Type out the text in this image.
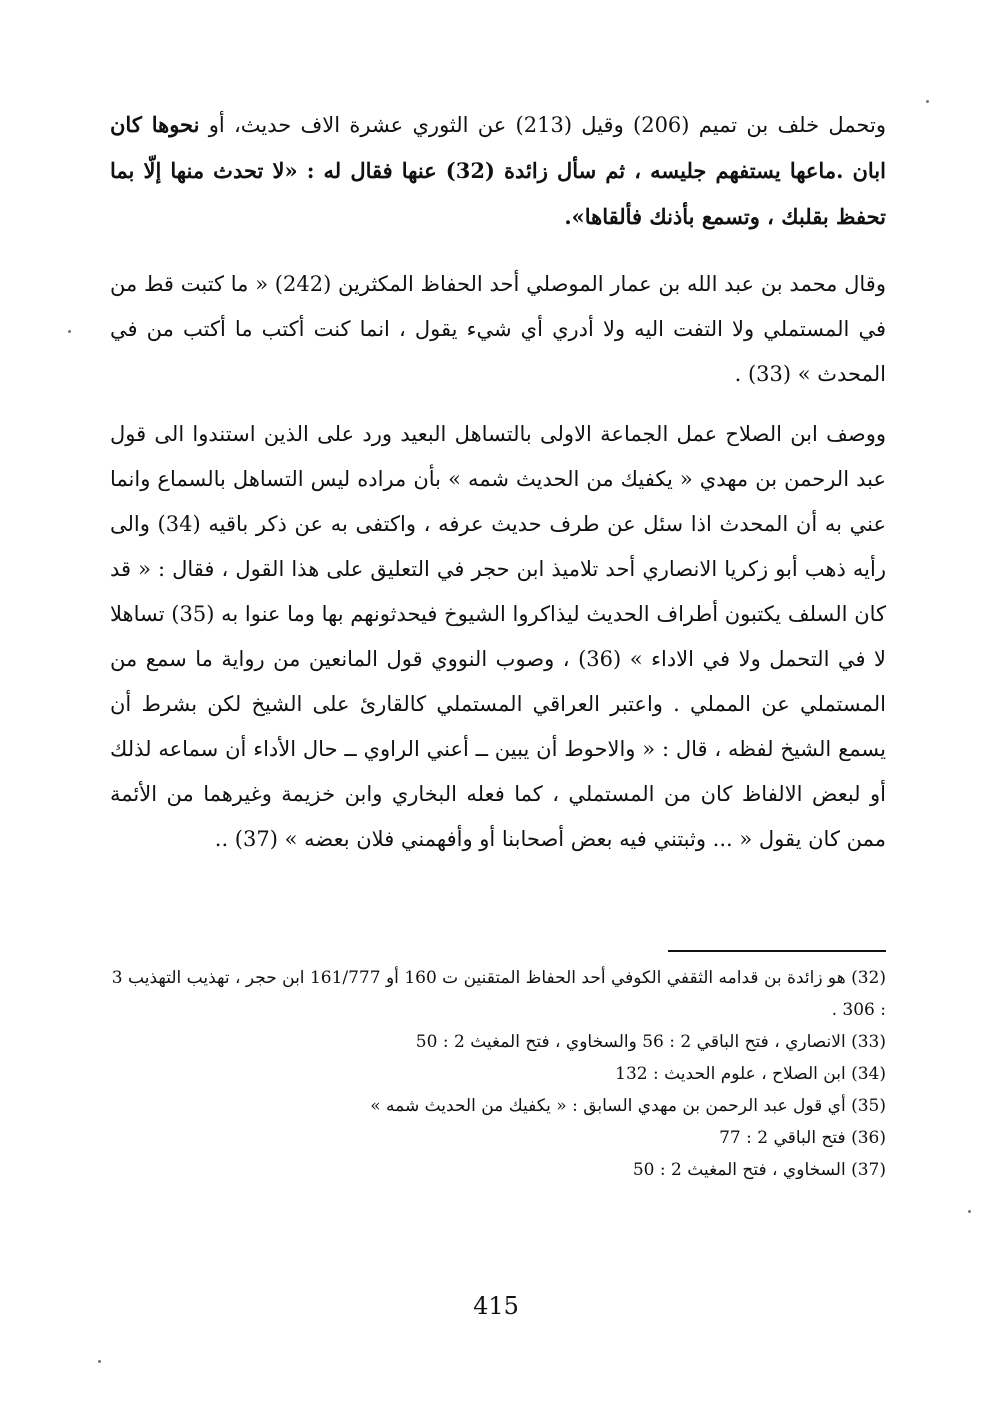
وتحمل خلف بن تميم (206) وقيل (213) عن الثوري عشرة الاف حديث، أو نحوها كان ابان .ماعها يستفهم جليسه ، ثم سأل زائدة (32) عنها فقال له : «لا تحدث منها إلّا بما تحفظ بقلبك ، وتسمع بأذنك فألقاها».

وقال محمد بن عبد الله بن عمار الموصلي أحد الحفاظ المكثرين (242) « ما كتبت قط من في المستملي ولا التفت اليه ولا أدري أي شيء يقول ، انما كنت أكتب ما أكتب من في المحدث » (33) .

ووصف ابن الصلاح عمل الجماعة الاولى بالتساهل البعيد ورد على الذين استندوا الى قول عبد الرحمن بن مهدي « يكفيك من الحديث شمه » بأن مراده ليس التساهل بالسماع وانما عني به أن المحدث اذا سئل عن طرف حديث عرفه ، واكتفى به عن ذكر باقيه (34) والى رأيه ذهب أبو زكريا الانصاري أحد تلاميذ ابن حجر في التعليق على هذا القول ، فقال : « قد كان السلف يكتبون أطراف الحديث ليذاكروا الشيوخ فيحدثونهم بها وما عنوا به (35) تساهلا لا في التحمل ولا في الاداء » (36) ، وصوب النووي قول المانعين من رواية ما سمع من المستملي عن المملي . واعتبر العراقي المستملي كالقارئ على الشيخ لكن بشرط أن يسمع الشيخ لفظه ، قال : « والاحوط أن يبين ــ أعني الراوي ــ حال الأداء أن سماعه لذلك أو لبعض الالفاظ كان من المستملي ، كما فعله البخاري وابن خزيمة وغيرهما من الأئمة ممن كان يقول « ... وثبتني فيه بعض أصحابنا أو وأفهمني فلان بعضه » (37) ..

(32) هو زائدة بن قدامه الثقفي الكوفي أحد الحفاظ المتقنين ت 160 أو 161/777 ابن حجر ، تهذيب التهذيب 3 : 306 .
(33) الانصاري ، فتح الباقي 2 : 56 والسخاوي ، فتح المغيث 2 : 50
(34) ابن الصلاح ، علوم الحديث : 132
(35) أي قول عبد الرحمن بن مهدي السابق : « يكفيك من الحديث شمه »
(36) فتح الباقي 2 : 77
(37) السخاوي ، فتح المغيث 2 : 50
415
